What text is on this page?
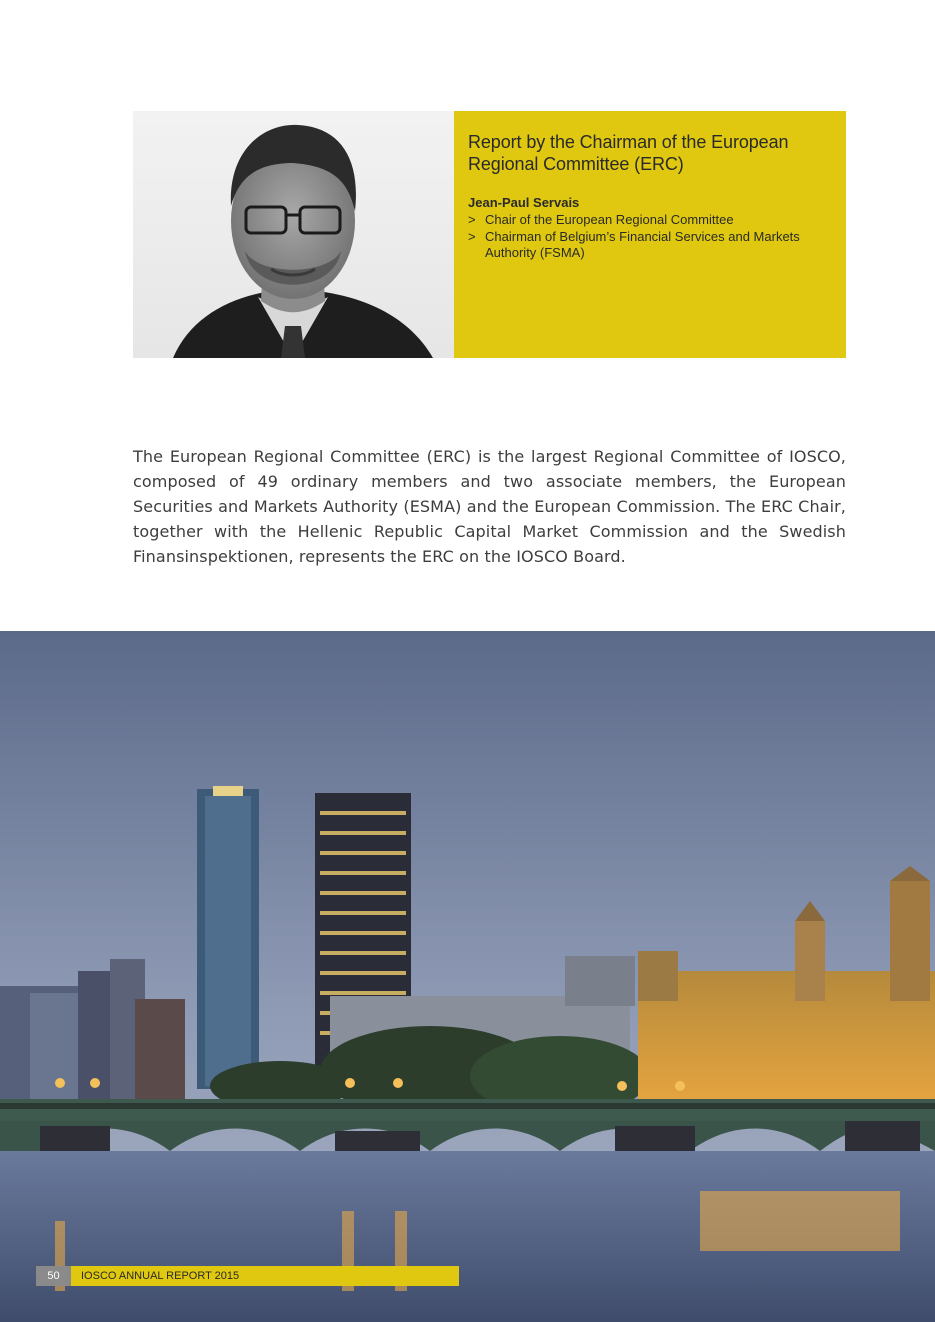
Report by the Chairman of the European Regional Committee (ERC)
Jean-Paul Servais
> Chair of the European Regional Committee
> Chairman of Belgium’s Financial Services and Markets Authority (FSMA)

The European Regional Committee (ERC) is the largest Regional Committee of IOSCO, composed of 49 ordinary members and two associate members, the European Securities and Markets Authority (ESMA) and the European Commission. The ERC Chair, together with the Hellenic Republic Capital Market Commission and the Swedish Finansinspektionen, represents the ERC on the IOSCO Board.

50	IOSCO ANNUAL REPORT 2015
